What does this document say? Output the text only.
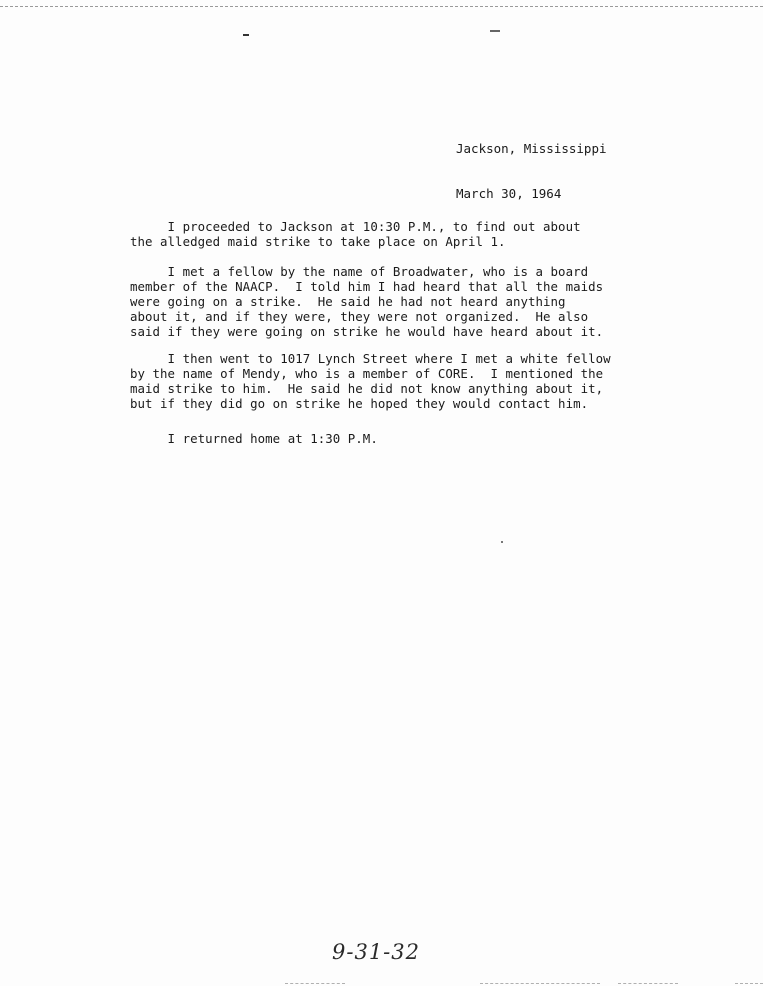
Jackson, Mississippi

March 30, 1964

I proceeded to Jackson at 10:30 P.M., to find out about
the alledged maid strike to take place on April 1.
I met a fellow by the name of Broadwater, who is a board
member of the NAACP.  I told him I had heard that all the maids
were going on a strike.  He said he had not heard anything
about it, and if they were, they were not organized.  He also
said if they were going on strike he would have heard about it.
I then went to 1017 Lynch Street where I met a white fellow
by the name of Mendy, who is a member of CORE.  I mentioned the
maid strike to him.  He said he did not know anything about it,
but if they did go on strike he hoped they would contact him.
I returned home at 1:30 P.M.
9-31-32
